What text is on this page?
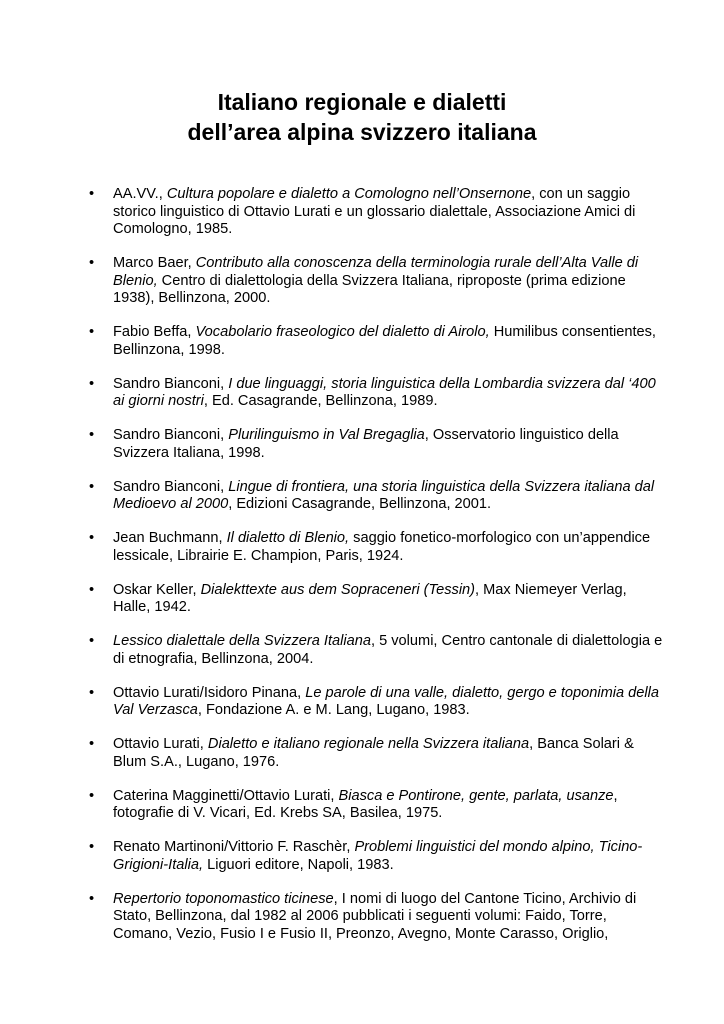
Italiano regionale e dialetti
dell’area alpina svizzero italiana
• AA.VV., Cultura popolare e dialetto a Comologno nell’Onsernone, con un saggio storico linguistico di Ottavio Lurati e un glossario dialettale, Associazione Amici di Comologno, 1985.
• Marco Baer, Contributo alla conoscenza della terminologia rurale dell’Alta Valle di Blenio, Centro di dialettologia della Svizzera Italiana, riproposte (prima edizione 1938), Bellinzona, 2000.
• Fabio Beffa, Vocabolario fraseologico del dialetto di Airolo, Humilibus consentientes, Bellinzona, 1998.
• Sandro Bianconi, I due linguaggi, storia linguistica della Lombardia svizzera dal ‘400 ai giorni nostri, Ed. Casagrande, Bellinzona, 1989.
• Sandro Bianconi, Plurilinguismo in Val Bregaglia, Osservatorio linguistico della Svizzera Italiana, 1998.
• Sandro Bianconi, Lingue di frontiera, una storia linguistica della Svizzera italiana dal Medioevo al 2000, Edizioni Casagrande, Bellinzona, 2001.
• Jean Buchmann, Il dialetto di Blenio, saggio fonetico-morfologico con un’appendice lessicale, Librairie E. Champion, Paris, 1924.
• Oskar Keller, Dialekttexte aus dem Sopraceneri (Tessin), Max Niemeyer Verlag, Halle, 1942.
• Lessico dialettale della Svizzera Italiana, 5 volumi, Centro cantonale di dialettologia e di etnografia, Bellinzona, 2004.
• Ottavio Lurati/Isidoro Pinana, Le parole di una valle, dialetto, gergo e toponimia della Val Verzasca, Fondazione A. e M. Lang, Lugano, 1983.
• Ottavio Lurati, Dialetto e italiano regionale nella Svizzera italiana, Banca Solari & Blum S.A., Lugano, 1976.
• Caterina Magginetti/Ottavio Lurati, Biasca e Pontirone, gente, parlata, usanze, fotografie di V. Vicari, Ed. Krebs SA, Basilea, 1975.
• Renato Martinoni/Vittorio F. Raschèr, Problemi linguistici del mondo alpino, Ticino-Grigioni-Italia, Liguori editore, Napoli, 1983.
• Repertorio toponomastico ticinese, I nomi di luogo del Cantone Ticino, Archivio di Stato, Bellinzona, dal 1982 al 2006 pubblicati i seguenti volumi: Faido, Torre, Comano, Vezio, Fusio I e Fusio II, Preonzo, Avegno, Monte Carasso, Origlio,
